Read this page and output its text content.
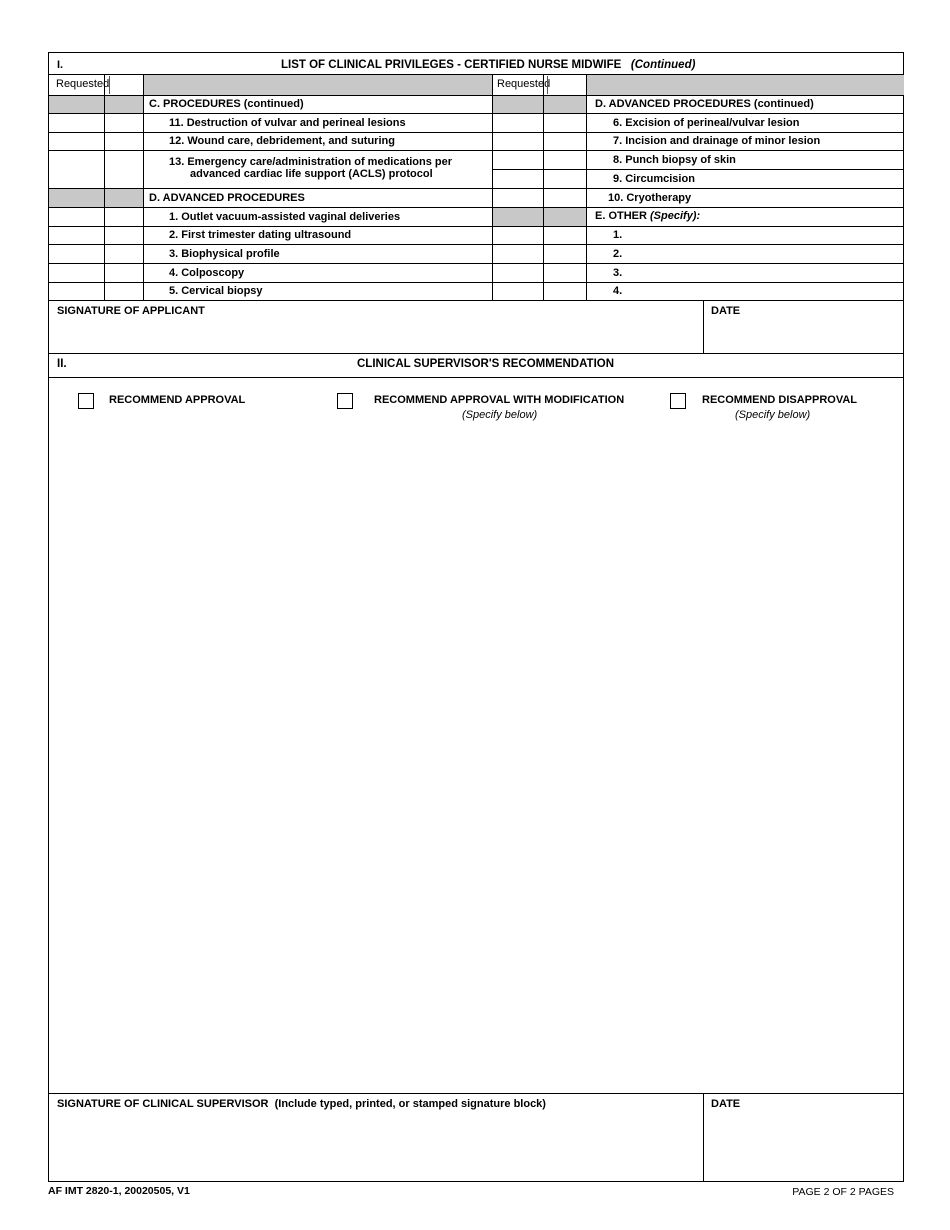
I.	LIST OF CLINICAL PRIVILEGES - CERTIFIED NURSE MIDWIFE (Continued)
Requested	Requested
C. PROCEDURES (continued)
11. Destruction of vulvar and perineal lesions
12. Wound care, debridement, and suturing
13. Emergency care/administration of medications per
advanced cardiac life support (ACLS) protocol
D. ADVANCED PROCEDURES
1. Outlet vacuum-assisted vaginal deliveries
2. First trimester dating ultrasound
3. Biophysical profile
4. Colposcopy
5. Cervical biopsy
D. ADVANCED PROCEDURES (continued)
6. Excision of perineal/vulvar lesion
7. Incision and drainage of minor lesion
8. Punch biopsy of skin
9. Circumcision
10. Cryotherapy
E. OTHER (Specify):
1.
2.
3.
4.
SIGNATURE OF APPLICANT	DATE
II.	CLINICAL SUPERVISOR'S RECOMMENDATION
RECOMMEND APPROVAL	RECOMMEND APPROVAL WITH MODIFICATION
(Specify below)
RECOMMEND DISAPPROVAL
(Specify below)
SIGNATURE OF CLINICAL SUPERVISOR (Include typed, printed, or stamped signature block)	DATE
AF IMT 2820-1, 20020505, V1	PAGE 2 OF 2 PAGES
